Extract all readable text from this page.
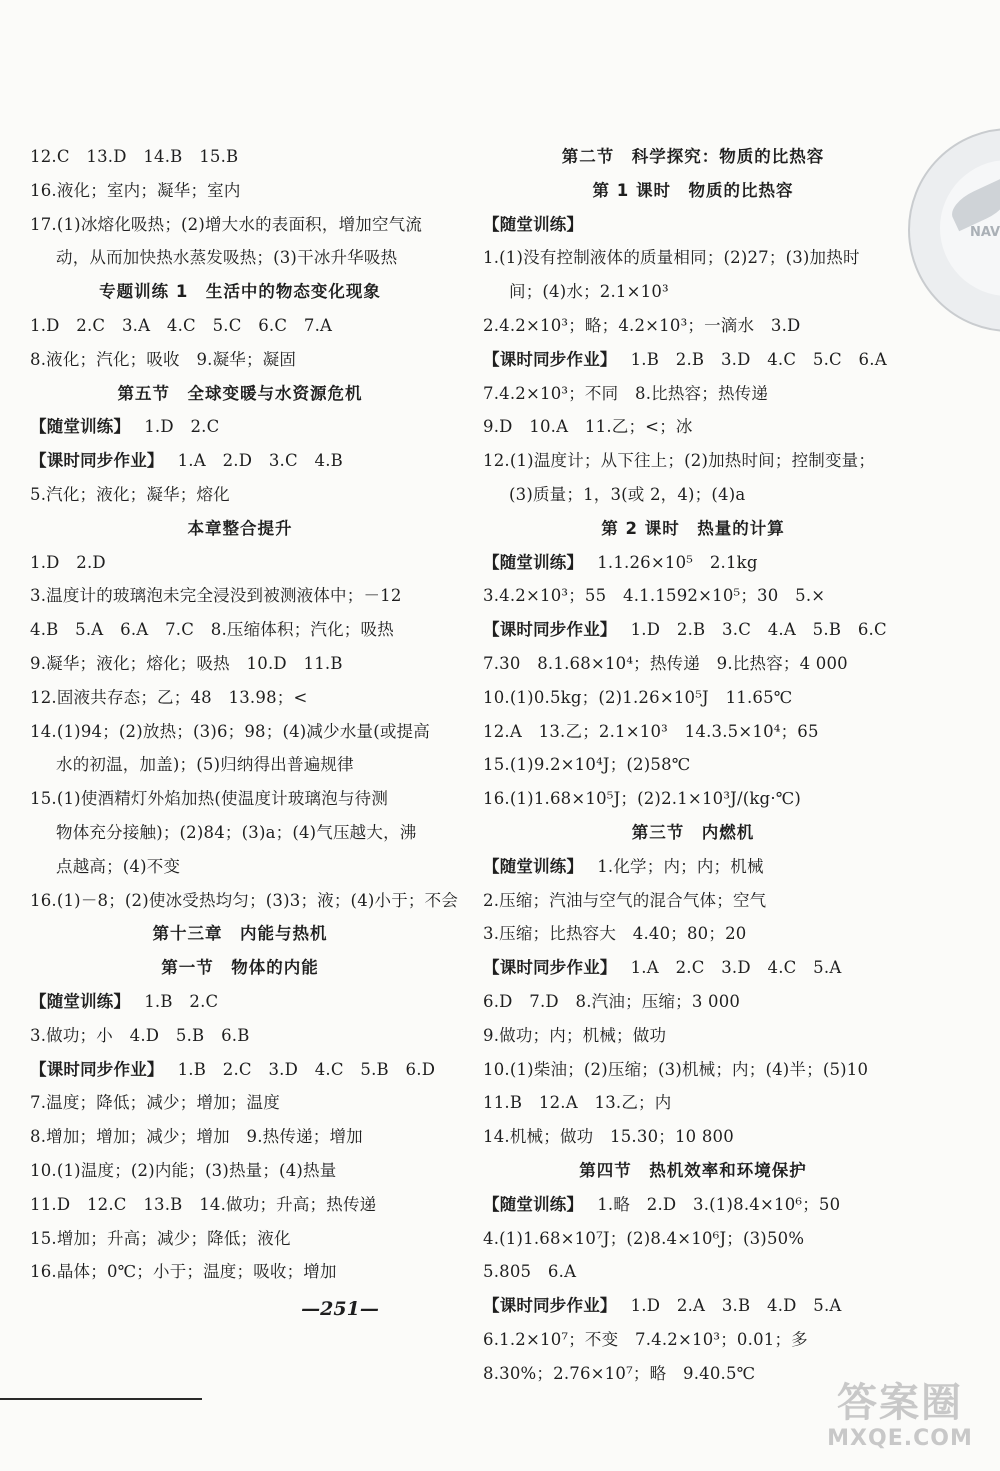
12.C　13.D　14.B　15.B
16.液化；室内；凝华；室内
17.(1)冰熔化吸热；(2)增大水的表面积，增加空气流
动，从而加快热水蒸发吸热；(3)干冰升华吸热
专题训练 1　生活中的物态变化现象
1.D　2.C　3.A　4.C　5.C　6.C　7.A
8.液化；汽化；吸收　9.凝华；凝固
第五节　全球变暖与水资源危机
【随堂训练】 1.D　2.C
【课时同步作业】 1.A　2.D　3.C　4.B
5.汽化；液化；凝华；熔化
本章整合提升
1.D　2.D
3.温度计的玻璃泡未完全浸没到被测液体中；－12
4.B　5.A　6.A　7.C　8.压缩体积；汽化；吸热
9.凝华；液化；熔化；吸热　10.D　11.B
12.固液共存态；乙；48　13.98；<
14.(1)94；(2)放热；(3)6；98；(4)减少水量(或提高
水的初温，加盖)；(5)归纳得出普遍规律
15.(1)使酒精灯外焰加热(使温度计玻璃泡与待测
物体充分接触)；(2)84；(3)a；(4)气压越大，沸
点越高；(4)不变
16.(1)－8；(2)使冰受热均匀；(3)3；液；(4)小于；不会
第十三章　内能与热机
第一节　物体的内能
【随堂训练】 1.B　2.C
3.做功；小　4.D　5.B　6.B
【课时同步作业】 1.B　2.C　3.D　4.C　5.B　6.D
7.温度；降低；减少；增加；温度
8.增加；增加；减少；增加　9.热传递；增加
10.(1)温度；(2)内能；(3)热量；(4)热量
11.D　12.C　13.B　14.做功；升高；热传递
15.增加；升高；减少；降低；液化
16.晶体；0℃；小于；温度；吸收；增加
第二节　科学探究：物质的比热容
第 1 课时　物质的比热容
【随堂训练】
1.(1)没有控制液体的质量相同；(2)27；(3)加热时
间；(4)水；2.1×10³
2.4.2×10³；略；4.2×10³；一滴水　3.D
【课时同步作业】 1.B　2.B　3.D　4.C　5.C　6.A
7.4.2×10³；不同　8.比热容；热传递
9.D　10.A　11.乙；<；冰
12.(1)温度计；从下往上；(2)加热时间；控制变量；
(3)质量；1，3(或 2，4)；(4)a
第 2 课时　热量的计算
【随堂训练】 1.1.26×10⁵　2.1kg
3.4.2×10³；55　4.1.1592×10⁵；30　5.×
【课时同步作业】 1.D　2.B　3.C　4.A　5.B　6.C
7.30　8.1.68×10⁴；热传递　9.比热容；4 000
10.(1)0.5kg；(2)1.26×10⁵J　11.65℃
12.A　13.乙；2.1×10³　14.3.5×10⁴；65
15.(1)9.2×10⁴J；(2)58℃
16.(1)1.68×10⁵J；(2)2.1×10³J/(kg·℃)
第三节　内燃机
【随堂训练】 1.化学；内；内；机械
2.压缩；汽油与空气的混合气体；空气
3.压缩；比热容大　4.40；80；20
【课时同步作业】 1.A　2.C　3.D　4.C　5.A
6.D　7.D　8.汽油；压缩；3 000
9.做功；内；机械；做功
10.(1)柴油；(2)压缩；(3)机械；内；(4)半；(5)10
11.B　12.A　13.乙；内
14.机械；做功　15.30；10 800
第四节　热机效率和环境保护
【随堂训练】 1.略　2.D　3.(1)8.4×10⁶；50
4.(1)1.68×10⁷J；(2)8.4×10⁶J；(3)50%
5.805　6.A
【课时同步作业】 1.D　2.A　3.B　4.D　5.A
6.1.2×10⁷；不变　7.4.2×10³；0.01；多
8.30%；2.76×10⁷；略　9.40.5℃
—251—
NAV
答案圈
MXQE.COM
